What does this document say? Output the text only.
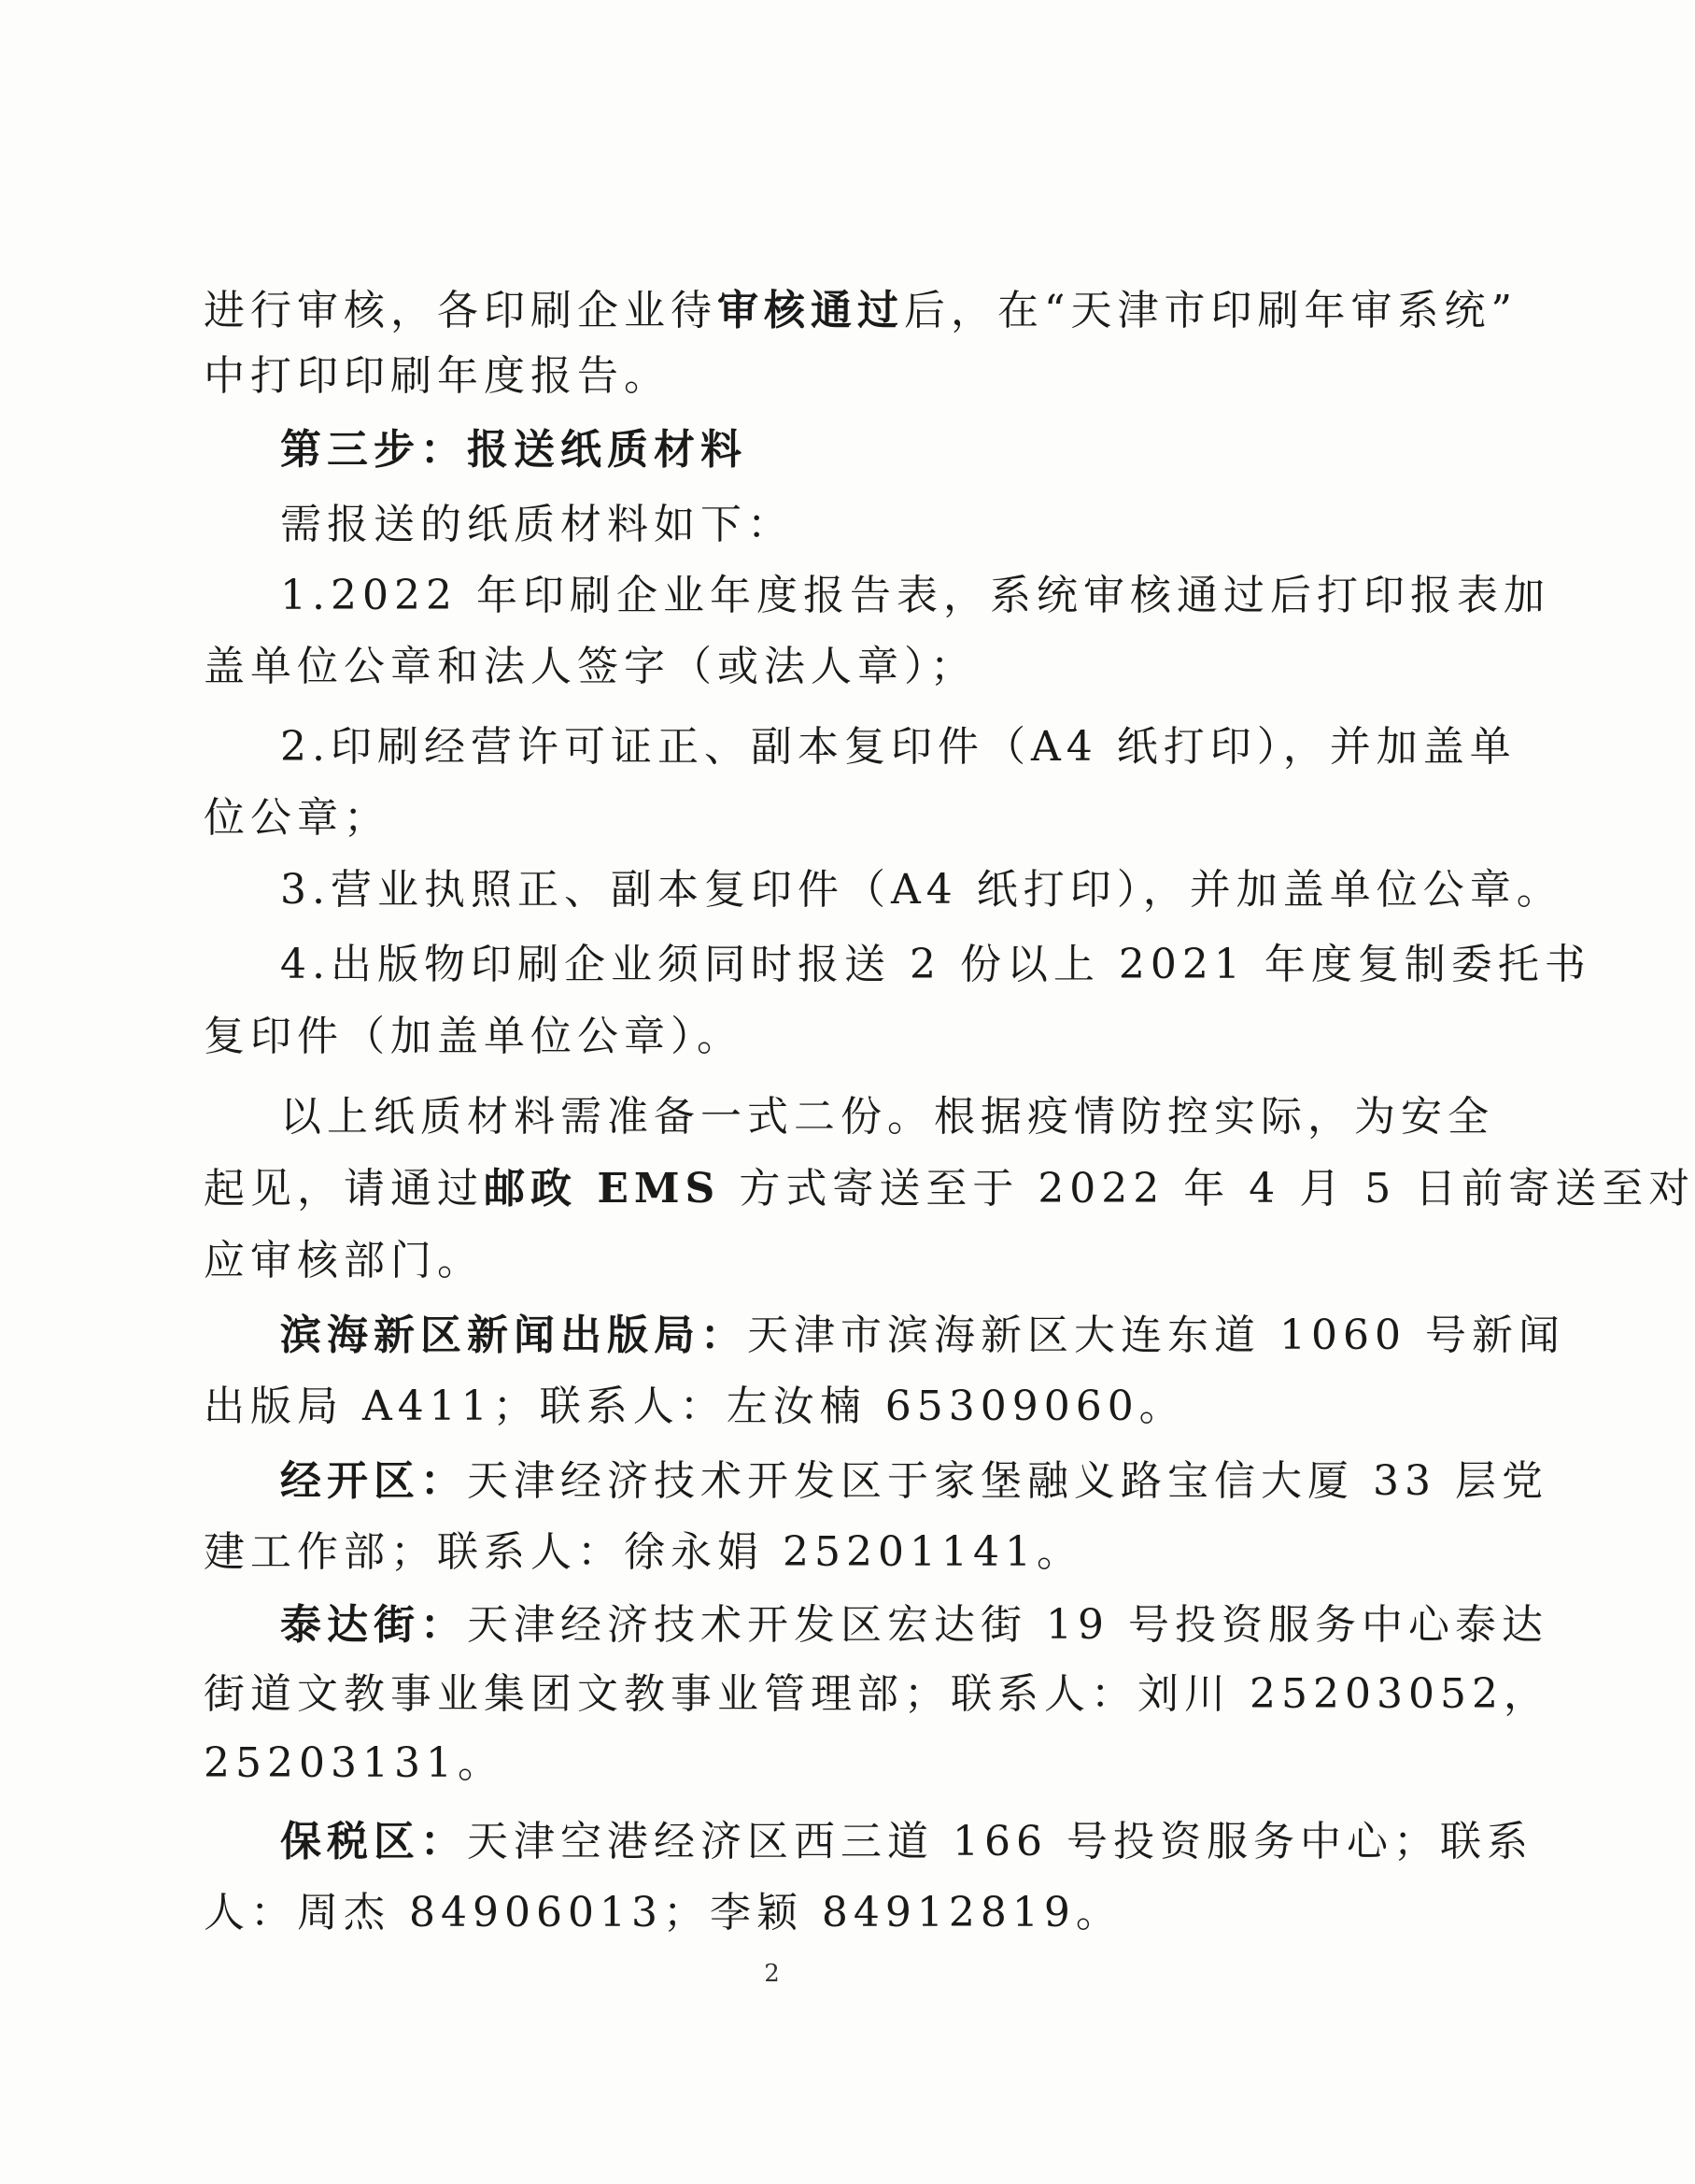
进行审核，各印刷企业待审核通过后，在“天津市印刷年审系统”
中打印印刷年度报告。
第三步：报送纸质材料
需报送的纸质材料如下：
1.2022 年印刷企业年度报告表，系统审核通过后打印报表加
盖单位公章和法人签字（或法人章）；
2.印刷经营许可证正、副本复印件（A4 纸打印），并加盖单
位公章；
3.营业执照正、副本复印件（A4 纸打印），并加盖单位公章。
4.出版物印刷企业须同时报送 2 份以上 2021 年度复制委托书
复印件（加盖单位公章）。
以上纸质材料需准备一式二份。根据疫情防控实际，为安全
起见，请通过邮政 EMS 方式寄送至于 2022 年 4 月 5 日前寄送至对
应审核部门。
滨海新区新闻出版局：天津市滨海新区大连东道 1060 号新闻
出版局 A411；联系人：左汝楠 65309060。
经开区：天津经济技术开发区于家堡融义路宝信大厦 33 层党
建工作部；联系人：徐永娟 25201141。
泰达街：天津经济技术开发区宏达街 19 号投资服务中心泰达
街道文教事业集团文教事业管理部；联系人：刘川 25203052，
25203131。
保税区：天津空港经济区西三道 166 号投资服务中心；联系
人：周杰 84906013；李颖 84912819。
2
